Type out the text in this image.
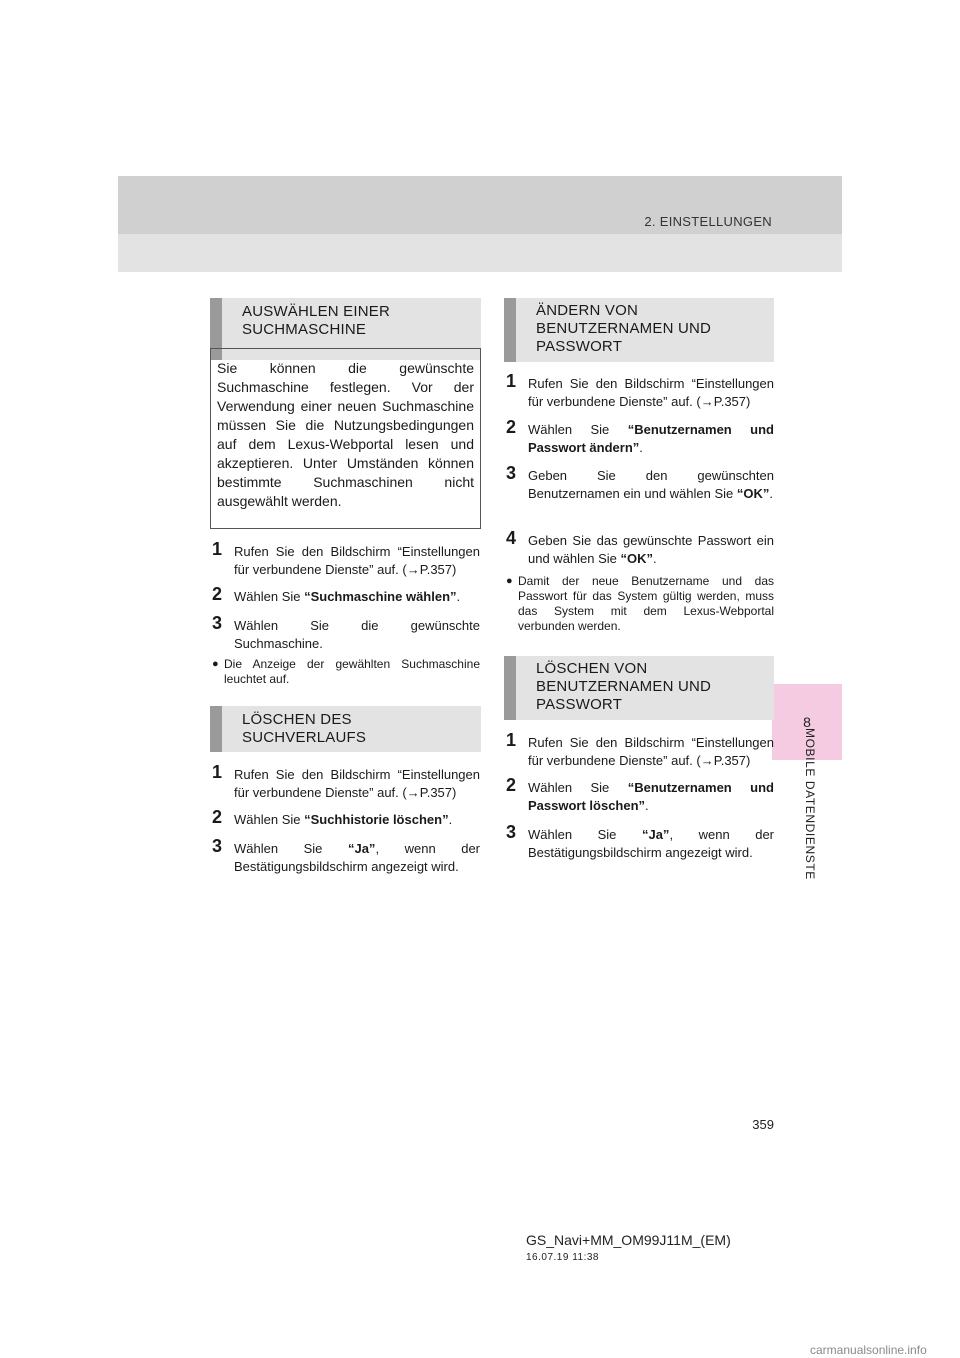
2. EINSTELLUNGEN
8
MOBILE DATENDIENSTE
AUSWÄHLEN EINER SUCHMASCHINE
Sie können die gewünschte Suchmaschine festlegen. Vor der Verwendung einer neuen Suchmaschine müssen Sie die Nutzungsbedingungen auf dem Lexus-Webportal lesen und akzeptieren. Unter Umständen können bestimmte Suchmaschinen nicht ausgewählt werden.
1 Rufen Sie den Bildschirm “Einstellungen für verbundene Dienste” auf. (→P.357)
2 Wählen Sie “Suchmaschine wählen”.
3 Wählen Sie die gewünschte Suchmaschine.
● Die Anzeige der gewählten Suchmaschine leuchtet auf.
LÖSCHEN DES SUCHVERLAUFS
1 Rufen Sie den Bildschirm “Einstellungen für verbundene Dienste” auf. (→P.357)
2 Wählen Sie “Suchhistorie löschen”.
3 Wählen Sie “Ja”, wenn der Bestätigungsbildschirm angezeigt wird.
ÄNDERN VON BENUTZERNAMEN UND PASSWORT
1 Rufen Sie den Bildschirm “Einstellungen für verbundene Dienste” auf. (→P.357)
2 Wählen Sie “Benutzernamen und Passwort ändern”.
3 Geben Sie den gewünschten Benutzernamen ein und wählen Sie “OK”.
4 Geben Sie das gewünschte Passwort ein und wählen Sie “OK”.
● Damit der neue Benutzername und das Passwort für das System gültig werden, muss das System mit dem Lexus-Webportal verbunden werden.
LÖSCHEN VON BENUTZERNAMEN UND PASSWORT
1 Rufen Sie den Bildschirm “Einstellungen für verbundene Dienste” auf. (→P.357)
2 Wählen Sie “Benutzernamen und Passwort löschen”.
3 Wählen Sie “Ja”, wenn der Bestätigungsbildschirm angezeigt wird.
359
GS_Navi+MM_OM99J11M_(EM)
16.07.19 11:38
carmanualsonline.info
